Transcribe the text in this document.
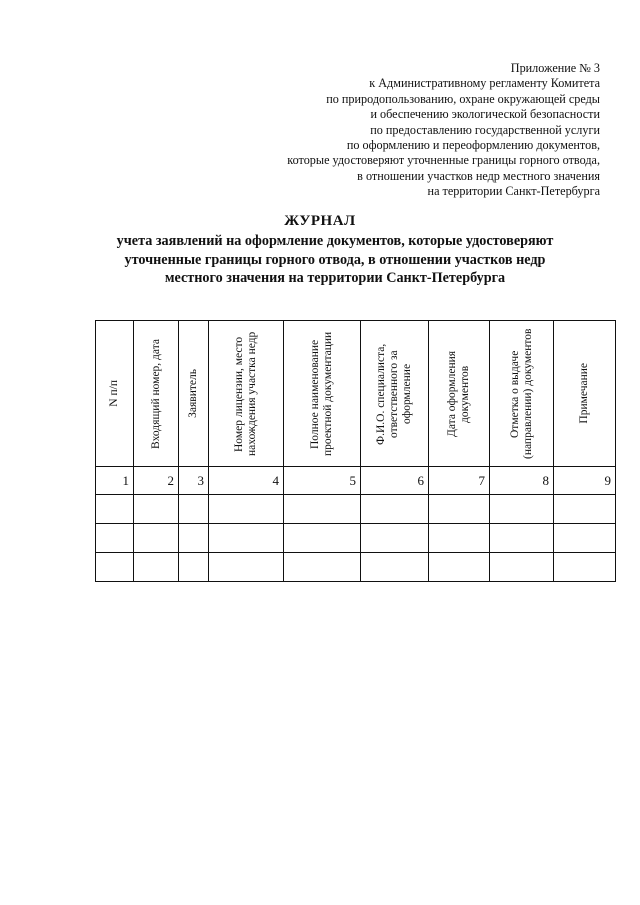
Приложение № 3
к Административному регламенту Комитета
по природопользованию, охране окружающей среды
и обеспечению экологической безопасности
по предоставлению государственной услуги
по оформлению и переоформлению документов,
которые удостоверяют уточненные границы горного отвода,
в отношении участков недр местного значения
на территории Санкт-Петербурга
ЖУРНАЛ
учета заявлений на оформление документов, которые удостоверяют
уточненные границы горного отвода, в отношении участков недр
местного значения на территории Санкт-Петербурга
N п/п	Входящий номер, дата	Заявитель	Номер лицензии, место нахождения участка недр	Полное наименование проектной документации	Ф.И.О. специалиста, ответственного за оформление	Дата оформления документов	Отметка о выдаче (направлении) документов	Примечание

1	2	3	4	5	6	7	8	9
